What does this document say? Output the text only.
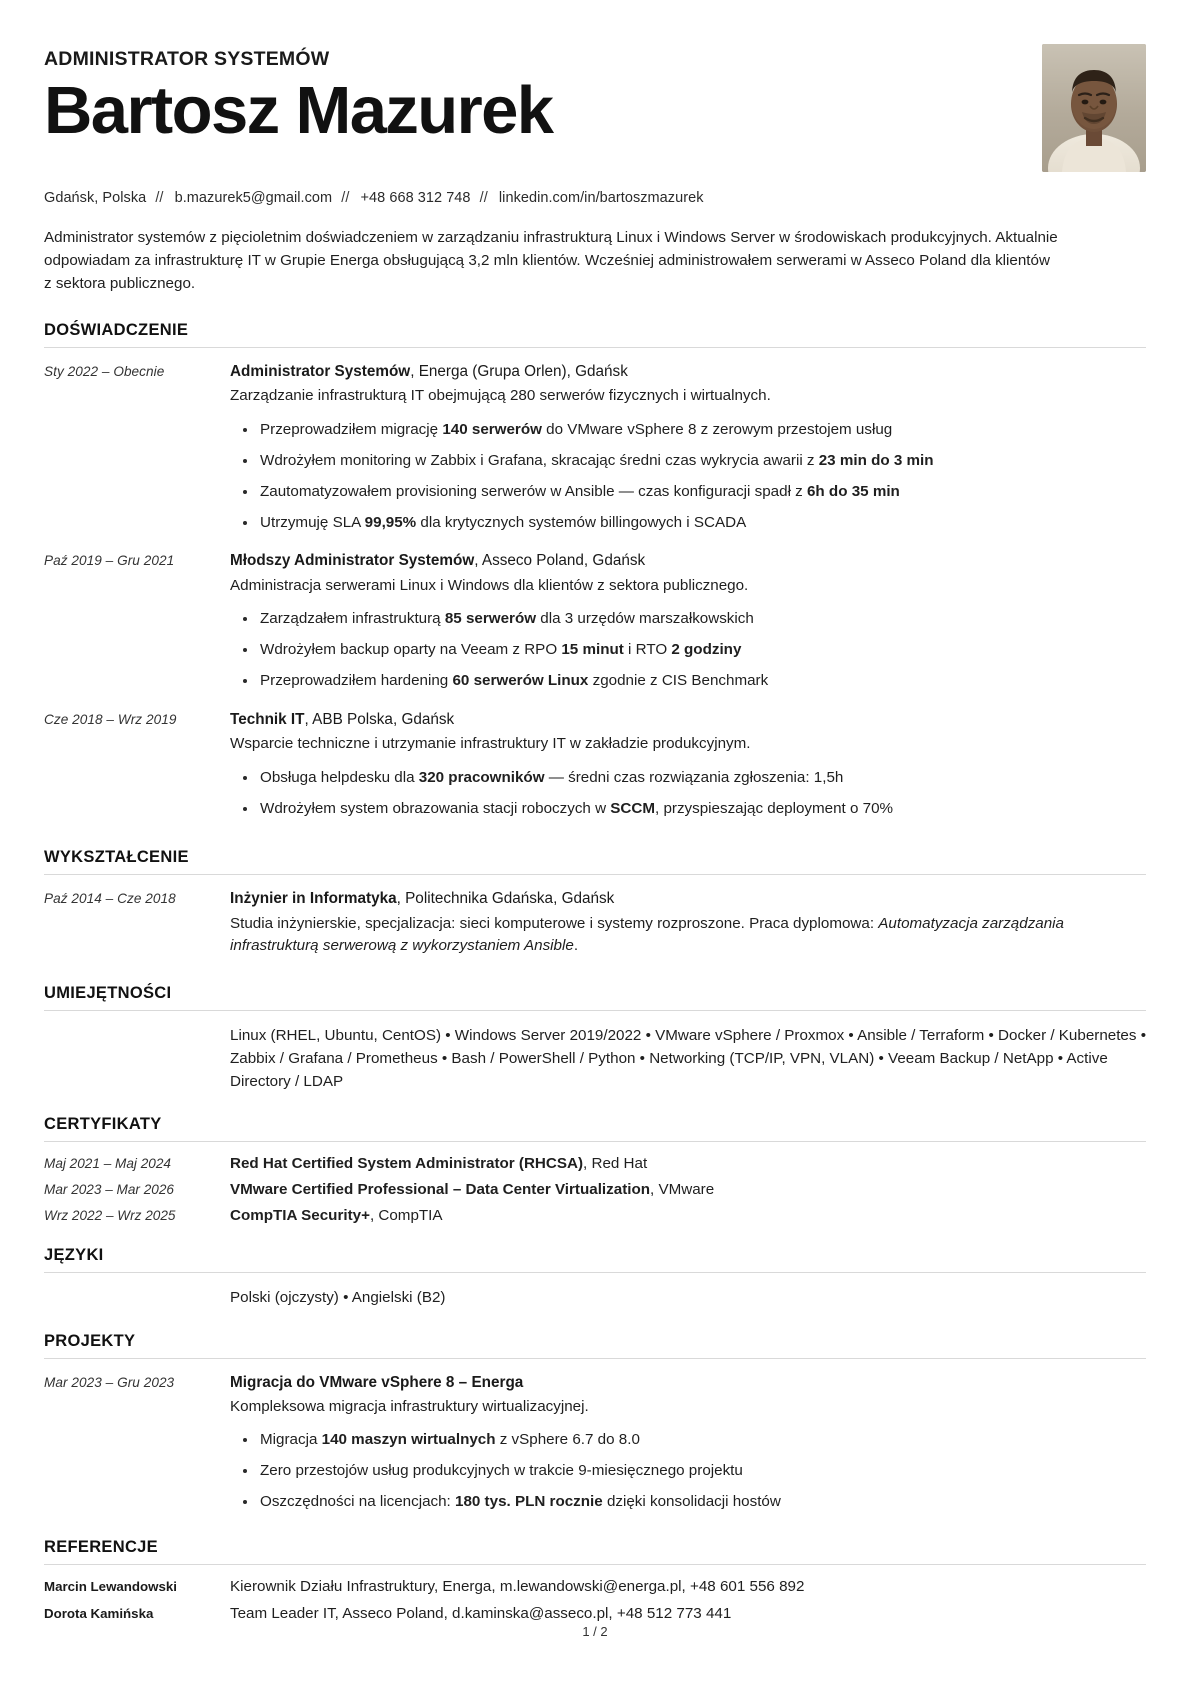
ADMINISTRATOR SYSTEMÓW
Bartosz Mazurek
Gdańsk, Polska // b.mazurek5@gmail.com // +48 668 312 748 // linkedin.com/in/bartoszmazurek
Administrator systemów z pięcioletnim doświadczeniem w zarządzaniu infrastrukturą Linux i Windows Server w środowiskach produkcyjnych. Aktualnie odpowiadam za infrastrukturę IT w Grupie Energa obsługującą 3,2 mln klientów. Wcześniej administrowałem serwerami w Asseco Poland dla klientów z sektora publicznego.
DOŚWIADCZENIE
Sty 2022 – Obecnie	Administrator Systemów, Energa (Grupa Orlen), Gdańsk
Zarządzanie infrastrukturą IT obejmującą 280 serwerów fizycznych i wirtualnych.
Przeprowadziłem migrację 140 serwerów do VMware vSphere 8 z zerowym przestojem usług
Wdrożyłem monitoring w Zabbix i Grafana, skracając średni czas wykrycia awarii z 23 min do 3 min
Zautomatyzowałem provisioning serwerów w Ansible — czas konfiguracji spadł z 6h do 35 min
Utrzymuję SLA 99,95% dla krytycznych systemów billingowych i SCADA
Paź 2019 – Gru 2021	Młodszy Administrator Systemów, Asseco Poland, Gdańsk
Administracja serwerami Linux i Windows dla klientów z sektora publicznego.
Zarządzałem infrastrukturą 85 serwerów dla 3 urzędów marszałkowskich
Wdrożyłem backup oparty na Veeam z RPO 15 minut i RTO 2 godziny
Przeprowadziłem hardening 60 serwerów Linux zgodnie z CIS Benchmark
Cze 2018 – Wrz 2019	Technik IT, ABB Polska, Gdańsk
Wsparcie techniczne i utrzymanie infrastruktury IT w zakładzie produkcyjnym.
Obsługa helpdesku dla 320 pracowników — średni czas rozwiązania zgłoszenia: 1,5h
Wdrożyłem system obrazowania stacji roboczych w SCCM, przyspieszając deployment o 70%
WYKSZTAŁCENIE
Paź 2014 – Cze 2018	Inżynier in Informatyka, Politechnika Gdańska, Gdańsk
Studia inżynierskie, specjalizacja: sieci komputerowe i systemy rozproszone. Praca dyplomowa: Automatyzacja zarządzania infrastrukturą serwerową z wykorzystaniem Ansible.
UMIEJĘTNOŚCI
Linux (RHEL, Ubuntu, CentOS) • Windows Server 2019/2022 • VMware vSphere / Proxmox • Ansible / Terraform • Docker / Kubernetes • Zabbix / Grafana / Prometheus • Bash / PowerShell / Python • Networking (TCP/IP, VPN, VLAN) • Veeam Backup / NetApp • Active Directory / LDAP
CERTYFIKATY
Maj 2021 – Maj 2024	Red Hat Certified System Administrator (RHCSA), Red Hat
Mar 2023 – Mar 2026	VMware Certified Professional – Data Center Virtualization, VMware
Wrz 2022 – Wrz 2025	CompTIA Security+, CompTIA
JĘZYKI
Polski (ojczysty) • Angielski (B2)
PROJEKTY
Mar 2023 – Gru 2023	Migracja do VMware vSphere 8 – Energa
Kompleksowa migracja infrastruktury wirtualizacyjnej.
Migracja 140 maszyn wirtualnych z vSphere 6.7 do 8.0
Zero przestojów usług produkcyjnych w trakcie 9-miesięcznego projektu
Oszczędności na licencjach: 180 tys. PLN rocznie dzięki konsolidacji hostów
REFERENCJE
Marcin Lewandowski	Kierownik Działu Infrastruktury, Energa, m.lewandowski@energa.pl, +48 601 556 892
Dorota Kamińska	Team Leader IT, Asseco Poland, d.kaminska@asseco.pl, +48 512 773 441
1 / 2
